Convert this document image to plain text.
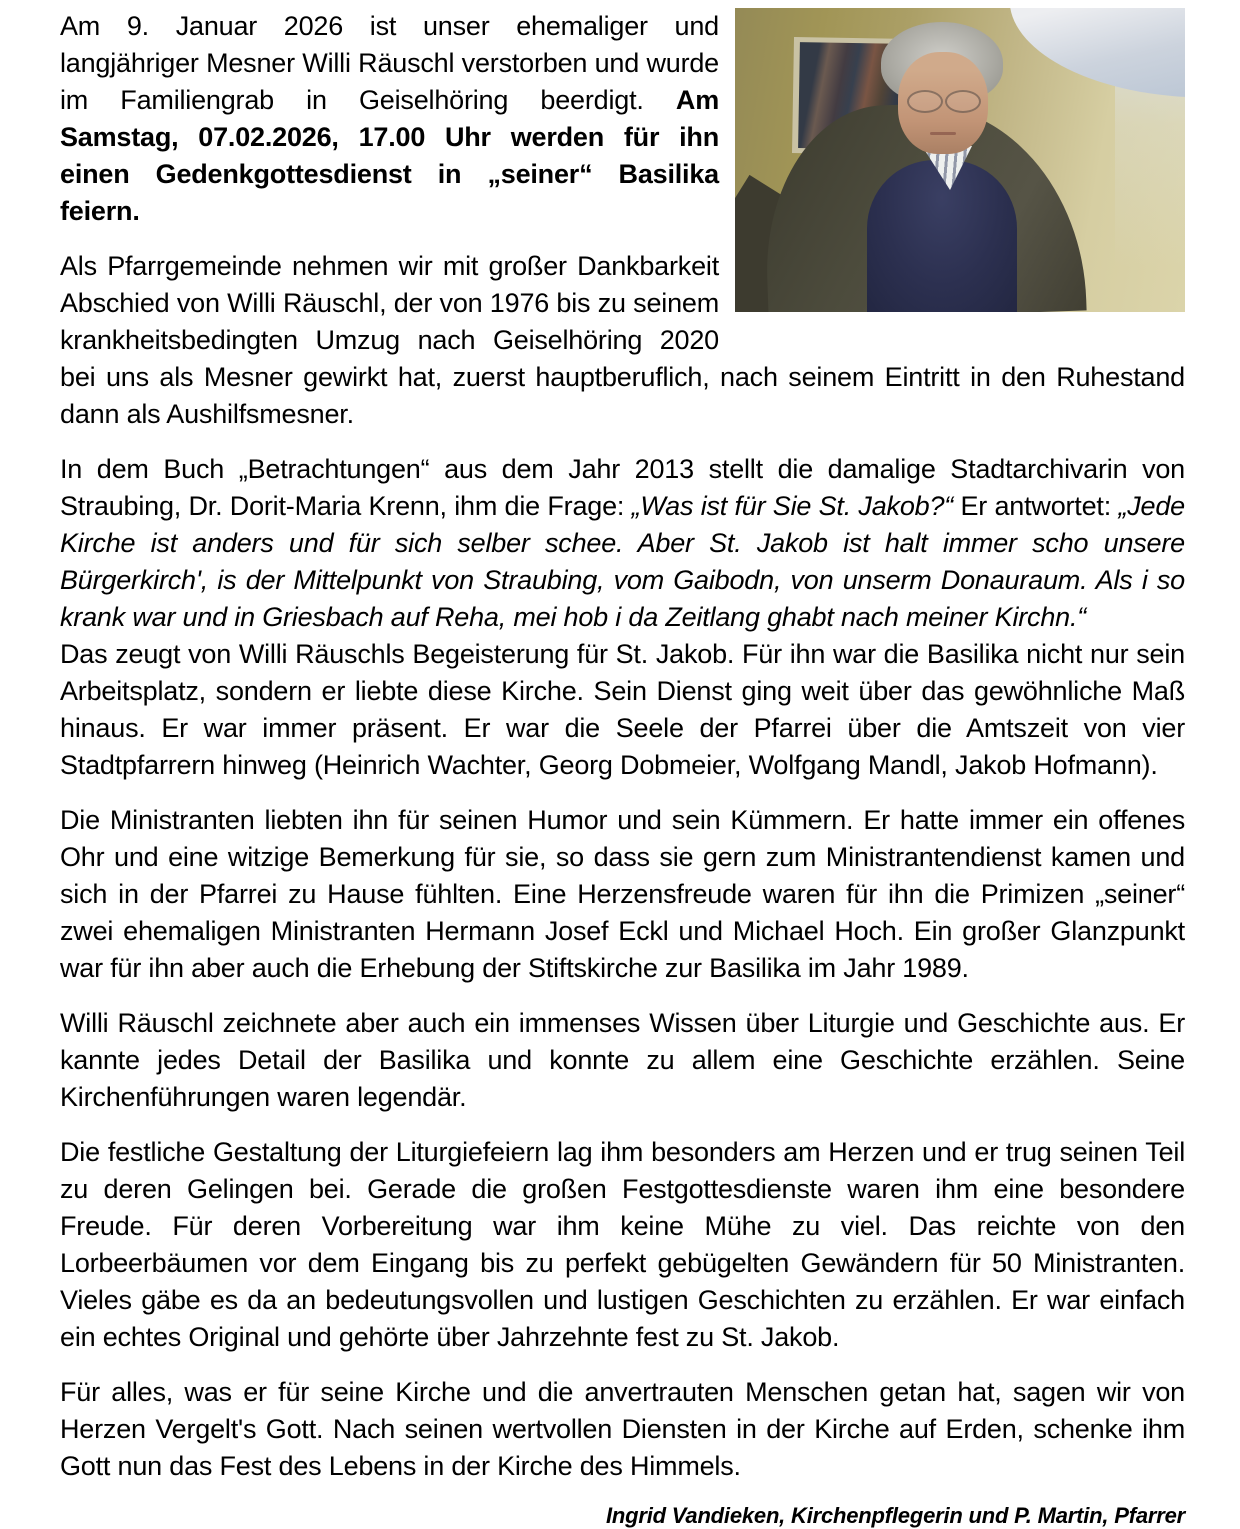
Am 9. Januar 2026 ist unser ehemaliger und langjähriger Mesner Willi Räuschl verstorben und wurde im Familiengrab in Geiselhöring beerdigt. Am Samstag, 07.02.2026, 17.00 Uhr werden für ihn einen Gedenkgottesdienst in „seiner“ Basilika feiern.

Als Pfarrgemeinde nehmen wir mit großer Dankbarkeit Abschied von Willi Räuschl, der von 1976 bis zu seinem krankheitsbedingten Umzug nach Geiselhöring 2020 bei uns als Mesner gewirkt hat, zuerst hauptberuflich, nach seinem Eintritt in den Ruhestand dann als Aushilfsmesner.

In dem Buch „Betrachtungen“ aus dem Jahr 2013 stellt die damalige Stadtarchivarin von Straubing, Dr. Dorit-Maria Krenn, ihm die Frage: „Was ist für Sie St. Jakob?“ Er antwortet: „Jede Kirche ist anders und für sich selber schee. Aber St. Jakob ist halt immer scho unsere Bürgerkirch', is der Mittelpunkt von Straubing, vom Gaibodn, von unserm Donauraum. Als i so krank war und in Griesbach auf Reha, mei hob i da Zeitlang ghabt nach meiner Kirchn.“
Das zeugt von Willi Räuschls Begeisterung für St. Jakob. Für ihn war die Basilika nicht nur sein Arbeitsplatz, sondern er liebte diese Kirche. Sein Dienst ging weit über das gewöhnliche Maß hinaus. Er war immer präsent. Er war die Seele der Pfarrei über die Amtszeit von vier Stadtpfarrern hinweg (Heinrich Wachter, Georg Dobmeier, Wolfgang Mandl, Jakob Hofmann).

Die Ministranten liebten ihn für seinen Humor und sein Kümmern. Er hatte immer ein offenes Ohr und eine witzige Bemerkung für sie, so dass sie gern zum Ministrantendienst kamen und sich in der Pfarrei zu Hause fühlten. Eine Herzensfreude waren für ihn die Primizen „seiner“ zwei ehemaligen Ministranten Hermann Josef Eckl und Michael Hoch. Ein großer Glanzpunkt war für ihn aber auch die Erhebung der Stiftskirche zur Basilika im Jahr 1989.

Willi Räuschl zeichnete aber auch ein immenses Wissen über Liturgie und Geschichte aus. Er kannte jedes Detail der Basilika und konnte zu allem eine Geschichte erzählen. Seine Kirchenführungen waren legendär.

Die festliche Gestaltung der Liturgiefeiern lag ihm besonders am Herzen und er trug seinen Teil zu deren Gelingen bei. Gerade die großen Festgottesdienste waren ihm eine besondere Freude. Für deren Vorbereitung war ihm keine Mühe zu viel. Das reichte von den Lorbeerbäumen vor dem Eingang bis zu perfekt gebügelten Gewändern für 50 Ministranten. Vieles gäbe es da an bedeutungsvollen und lustigen Geschichten zu erzählen. Er war einfach ein echtes Original und gehörte über Jahrzehnte fest zu St. Jakob.

Für alles, was er für seine Kirche und die anvertrauten Menschen getan hat, sagen wir von Herzen Vergelt's Gott. Nach seinen wertvollen Diensten in der Kirche auf Erden, schenke ihm Gott nun das Fest des Lebens in der Kirche des Himmels.

Ingrid Vandieken, Kirchenpflegerin und P. Martin, Pfarrer
